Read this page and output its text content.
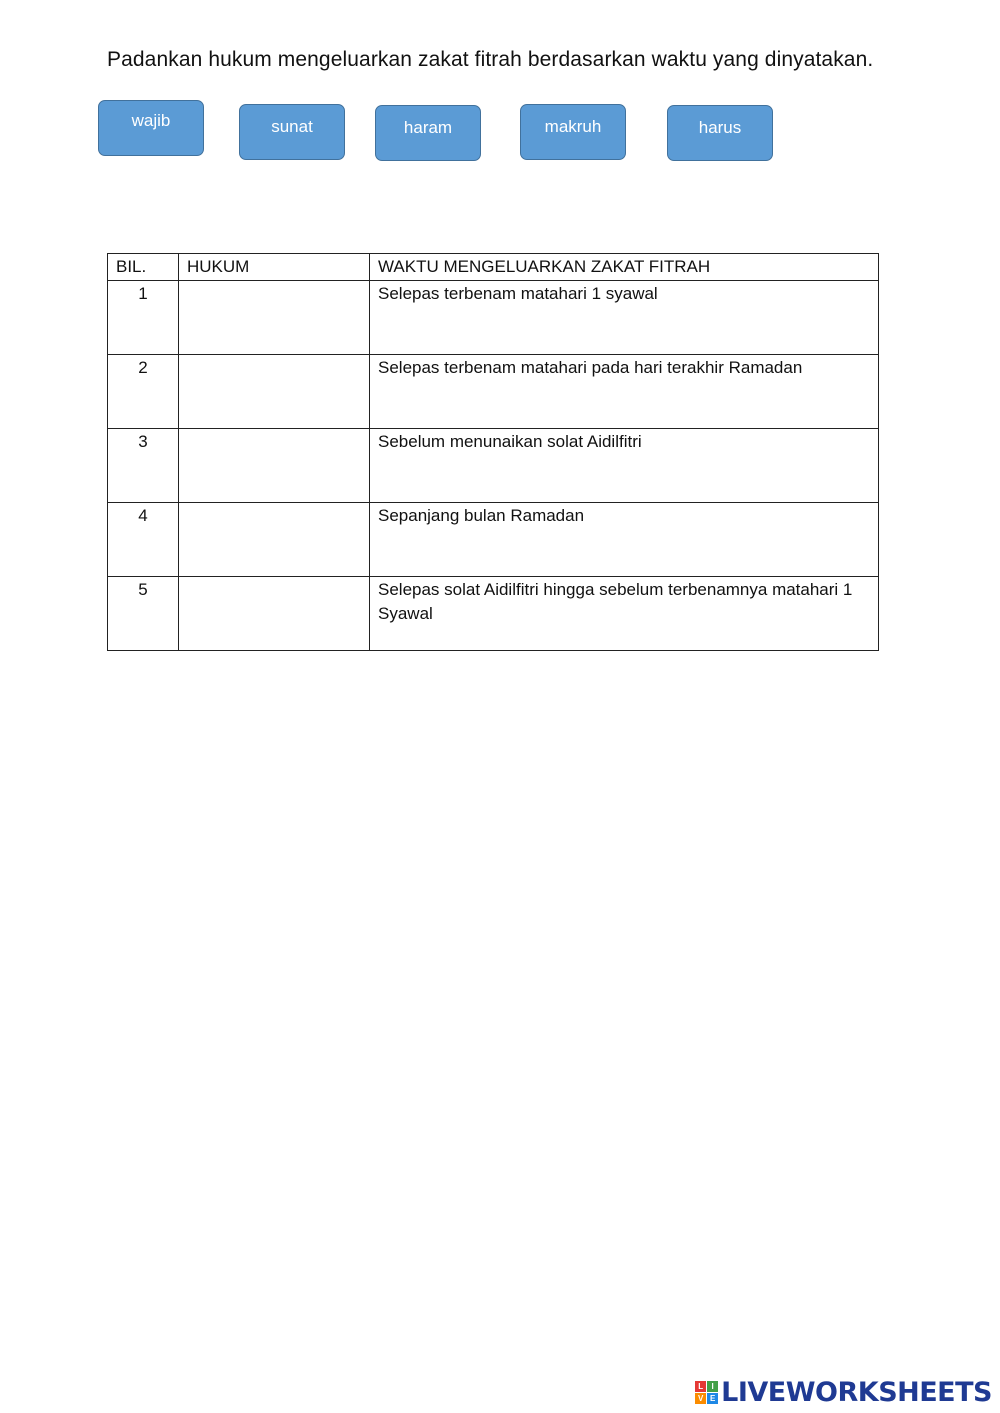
Padankan hukum mengeluarkan zakat fitrah berdasarkan waktu yang dinyatakan.
wajib	sunat	haram	makruh	harus
BIL.	HUKUM	WAKTU MENGELUARKAN ZAKAT FITRAH
1		Selepas terbenam matahari 1 syawal
2		Selepas terbenam matahari pada hari terakhir Ramadan
3		Sebelum menunaikan solat Aidilfitri
4		Sepanjang bulan Ramadan
5		Selepas solat Aidilfitri hingga sebelum terbenamnya matahari 1 Syawal
L	I
V E LIVEWORKSHEETS
